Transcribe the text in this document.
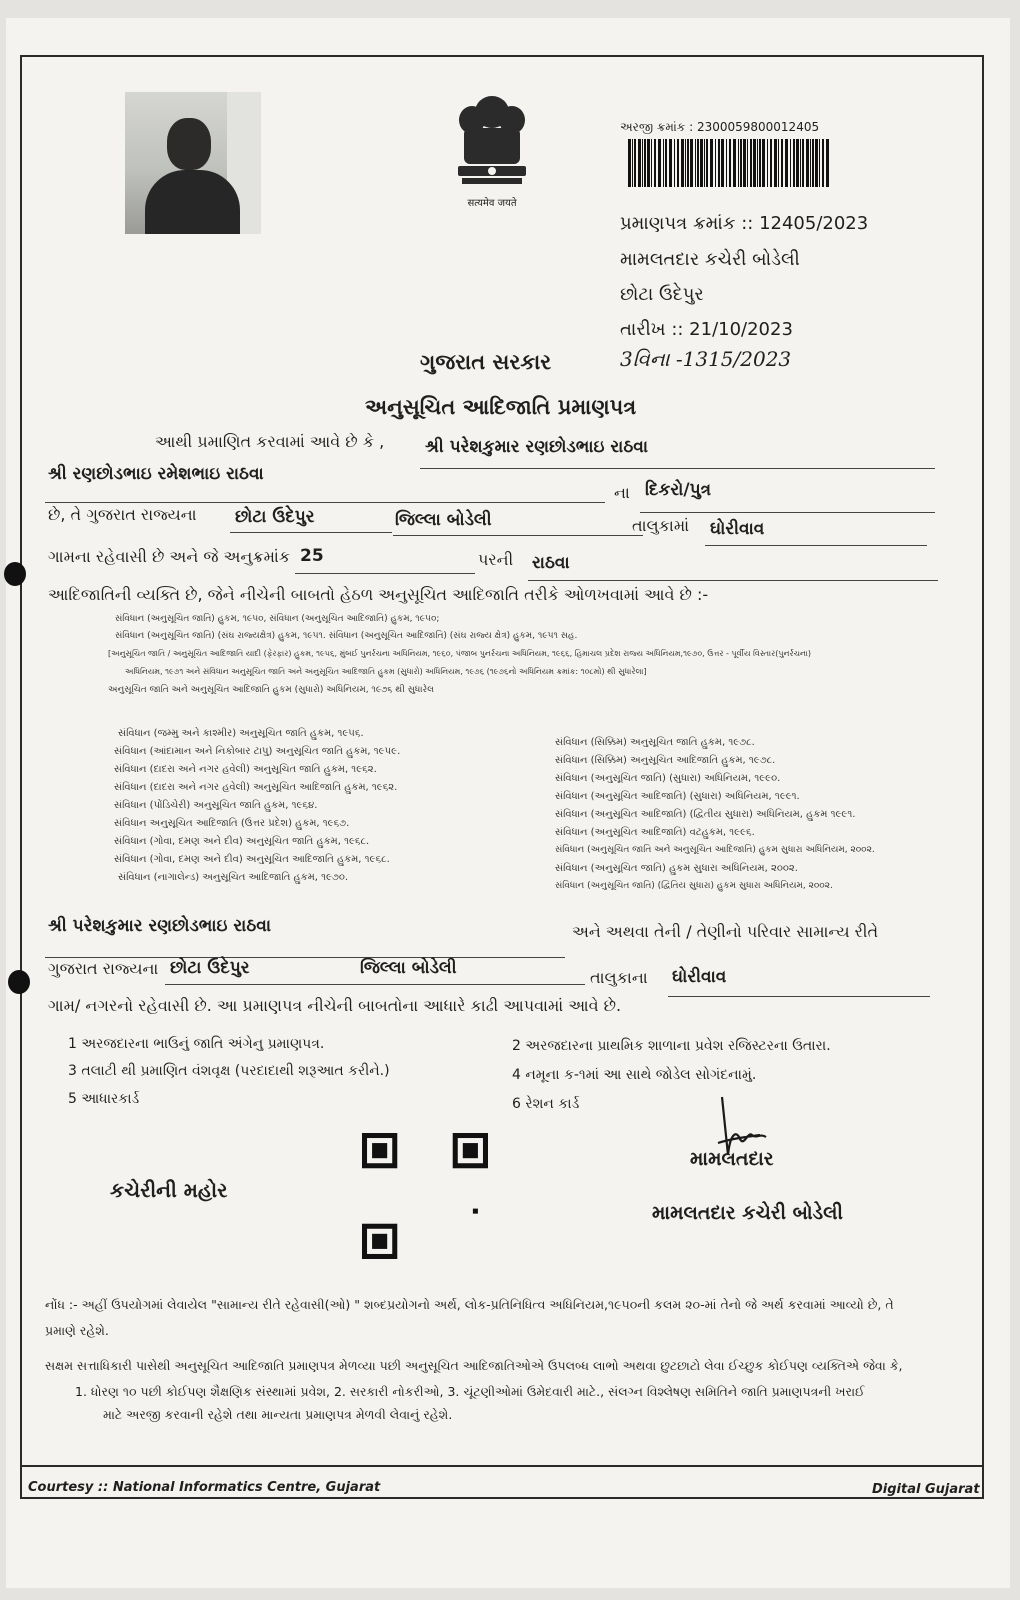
सत्यमेव जयते
અરજી ક્રમાંક : 2300059800012405
પ્રમાણપત્ર ક્રમાંક :: 12405/2023
મામલતદાર કચેરી બોડેલી
છોટા ઉદેપુર
તારીખ :: 21/10/2023
3વિના -1315/2023
ગુજરાત સરકાર
અનુસૂચિત આદિજાતિ પ્રમાણપત્ર
આથી પ્રમાણિત કરવામાં આવે છે કે , શ્રી પરેશકુમાર રણછોડભાઇ રાઠવા
શ્રી રણછોડભાઇ રમેશભાઇ રાઠવા
ના દિકરો/પુત્ર
છે, તે ગુજરાત રાજ્યના છોટા ઉદેપુર	જિલ્લા બોડેલી	તાલુકામાં ઘોરીવાવ
ગામના રહેવાસી છે અને જે અનુક્રમાંક 25	પરની રાઠવા
આદિજાતિની વ્યક્તિ છે, જેને નીચેની બાબતો હેઠળ અનુસૂચિત આદિજાતિ તરીકે ઓળખવામાં આવે છે :-
સંવિધાન (અનુસૂચિત જાતિ) હુકમ, ૧૯૫૦, સંવિધાન (અનુસૂચિત આદિજાતિ) હુકમ, ૧૯૫૦;
સંવિધાન (અનુસૂચિત જાતિ) (સંઘ રાજ્યક્ષેત્ર) હુકમ, ૧૯૫૧. સંવિધાન (અનુસૂચિત આદિજાતિ) (સંઘ રાજ્ય ક્ષેત્ર) હુકમ, ૧૯૫૧ સહ.
[અનુસૂચિત જાતિ / અનુસૂચિત આદિજાતિ યાદી (ફેરફાર) હુકમ, ૧૯૫૬, મુંબઈ પુનર્રચના અધિનિયમ, ૧૯૬૦, પંજાબ પુનર્રચના અધિનિયમ, ૧૯૬૬, હિમાચલ પ્રદેશ રાજ્ય અધિનિયમ,૧૯૭૦, ઉત્તર - પૂર્વીય વિસ્તાર(પુનર્રચના)
અધિનિયમ, ૧૯૭૧ અને સંવિધાન અનુસૂચિત જાતિ અને અનુસૂચિત આદિજાતિ હુકમ (સુધારો) અધિનિયમ, ૧૯૭૬ (૧૯૭૬નો અધિનિયમ ક્રમાંક: ૧૦૮મો) થી સુધારેલા]
અનુસૂચિત જાતિ અને અનુસૂચિત આદિજાતિ હુકમ (સુધારો) અધિનિયમ, ૧૯૭૬ થી સુધારેલ
સંવિધાન (જમ્મુ અને કાશ્મીર) અનુસૂચિત જાતિ હુકમ, ૧૯૫૬.
સંવિધાન (આંદામાન અને નિકોબાર ટાપુ) અનુસૂચિત જાતિ હુકમ, ૧૯૫૯.
સંવિધાન (દાદરા અને નગર હવેલી) અનુસૂચિત જાતિ હુકમ, ૧૯૬૨.
સંવિધાન (દાદરા અને નગર હવેલી) અનુસૂચિત આદિજાતિ હુકમ, ૧૯૬૨.
સંવિધાન (પોંડિચેરી) અનુસૂચિત જાતિ હુકમ, ૧૯૬૪.
સંવિધાન અનુસૂચિત આદિજાતિ (ઉત્તર પ્રદેશ) હુકમ, ૧૯૬૭.
સંવિધાન (ગોવા, દમણ અને દીવ) અનુસૂચિત જાતિ હુકમ, ૧૯૬૮.
સંવિધાન (ગોવા, દમણ અને દીવ) અનુસૂચિત આદિજાતિ હુકમ, ૧૯૬૮.
સંવિધાન (નાગાલેન્ડ) અનુસૂચિત આદિજાતિ હુકમ, ૧૯૭૦.
સંવિધાન (સિક્કિમ) અનુસૂચિત જાતિ હુકમ, ૧૯૭૮.
સંવિધાન (સિક્કિમ) અનુસૂચિત આદિજાતિ હુકમ, ૧૯૭૮.
સંવિધાન (અનુસૂચિત જાતિ) (સુધારા) અધિનિયમ, ૧૯૯૦.
સંવિધાન (અનુસૂચિત આદિજાતિ) (સુધારા) અધિનિયમ, ૧૯૯૧.
સંવિધાન (અનુસૂચિત આદિજાતિ) (દ્વિતીય સુધારા) અધિનિયમ, હુકમ ૧૯૯૧.
સંવિધાન (અનુસૂચિત આદિજાતિ) વટહુકમ, ૧૯૯૬.
સંવિધાન (અનુસૂચિત જાતિ અને અનુસૂચિત આદિજાતિ) હુકમ સુધારા અધિનિયમ, ૨૦૦૨.
સંવિધાન (અનુસૂચિત જાતિ) હુકમ સુધારા અધિનિયમ, ૨૦૦૨.
સંવિધાન (અનુસૂચિત જાતિ) (દ્વિતિય સુધારા) હુકમ સુધારા અધિનિયમ, ૨૦૦૨.
શ્રી પરેશકુમાર રણછોડભાઇ રાઠવા	અને અથવા તેની / તેણીનો પરિવાર સામાન્ય રીતે
ગુજરાત રાજ્યના છોટા ઉદેપુર	જિલ્લા બોડેલી	તાલુકાના ઘોરીવાવ
ગામ/ નગરનો રહેવાસી છે. આ પ્રમાણપત્ર નીચેની બાબતોના આધારે કાઢી આપવામાં આવે છે.
1 અરજદારના ભાઉનું જાતિ અંગેનુ પ્રમાણપત્ર.	2 અરજદારના પ્રાથમિક શાળાના પ્રવેશ રજિસ્ટરના ઉતારા.
3 તલાટી થી પ્રમાણિત વંશવૃક્ષ (પરદાદાથી શરૂઆત કરીને.)	4 નમૂના ક-૧માં આ સાથે જોડેલ સોગંદનામું.
5 આધારકાર્ડ	6 રેશન કાર્ડ
કચેરીની મહોર
મામલતદાર
મામલતદાર કચેરી બોડેલી
નોંધ :- અહીં ઉપયોગમાં લેવાયેલ "સામાન્ય રીતે રહેવાસી(ઓ) " શબ્દપ્રયોગનો અર્થ, લોક-પ્રતિનિધિત્વ અધિનિયમ,૧૯૫૦ની કલમ ૨૦-માં તેનો જે અર્થ કરવામાં આવ્યો છે, તે
પ્રમાણે રહેશે.
સક્ષમ સત્તાધિકારી પાસેથી અનુસૂચિત આદિજાતિ પ્રમાણપત્ર મેળવ્યા પછી અનુસૂચિત આદિજાતિઓએ ઉપલબ્ધ લાભો અથવા છુટછાટો લેવા ઈચ્છુક કોઈપણ વ્યક્તિએ જેવા કે,
1. ધોરણ ૧૦ પછી કોઈપણ શૈક્ષણિક સંસ્થામાં પ્રવેશ, 2. સરકારી નોકરીઓ, 3. ચૂંટણીઓમાં ઉમેદવારી માટે., સંલગ્ન વિશ્લેષણ સમિતિને જાતિ પ્રમાણપત્રની ખરાઈ
માટે અરજી કરવાની રહેશે તથા માન્યતા પ્રમાણપત્ર મેળવી લેવાનું રહેશે.
Courtesy :: National Informatics Centre, Gujarat	Digital Gujarat
